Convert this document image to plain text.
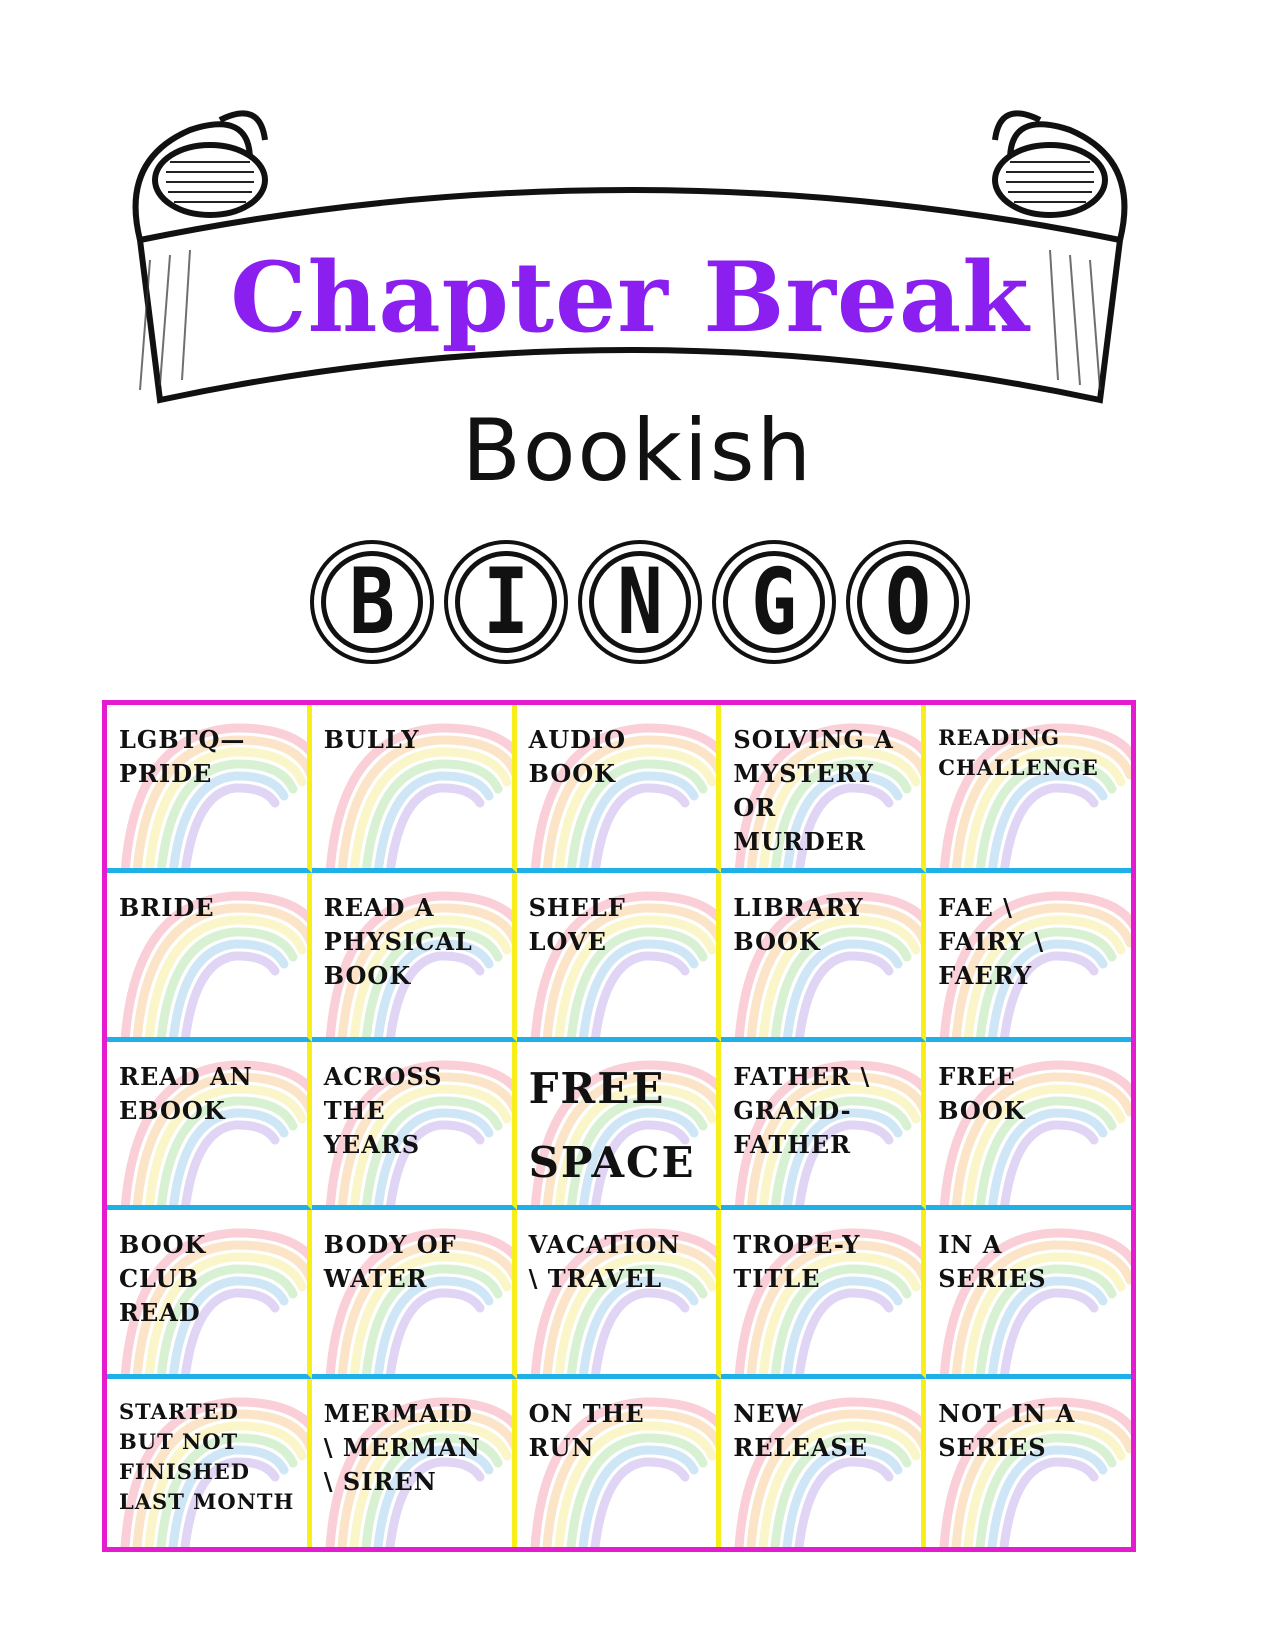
Chapter Break
Bookish
B I N G O
LGBTQ—
PRIDE
BULLY	AUDIO
BOOK
SOLVING A
MYSTERY
OR
MURDER
READING
CHALLENGE
BRIDE	READ A
PHYSICAL
BOOK
SHELF
LOVE
LIBRARY
BOOK
FAE \
FAIRY \
FAERY
READ AN
EBOOK
ACROSS
THE
YEARS
FREE
SPACE
FATHER \
GRAND-
FATHER
FREE
BOOK
BOOK
CLUB
READ
BODY OF
WATER
VACATION
\ TRAVEL
TROPE-Y
TITLE
IN A
SERIES
STARTED
BUT NOT
FINISHED
LAST MONTH
MERMAID
\ MERMAN
\ SIREN
ON THE
RUN
NEW
RELEASE
NOT IN A
SERIES
